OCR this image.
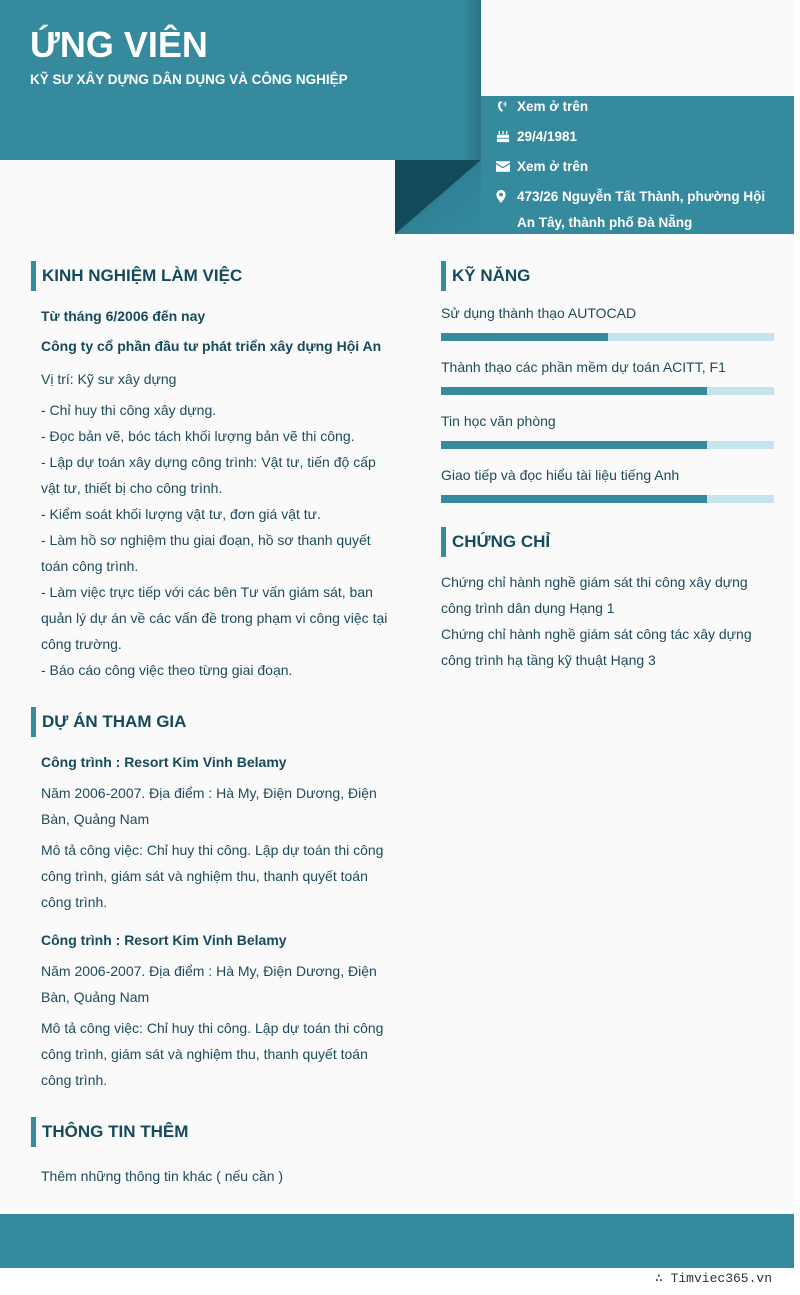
ỨNG VIÊN
KỸ SƯ XÂY DỰNG DÂN DỤNG VÀ CÔNG NGHIỆP
Xem ở trên
29/4/1981
Xem ở trên
473/26 Nguyễn Tất Thành, phường Hội
An Tây, thành phố Đà Nẵng
KINH NGHIỆM LÀM VIỆC
Từ tháng 6/2006 đến nay
Công ty cổ phần đầu tư phát triển xây dựng Hội An
Vị trí: Kỹ sư xây dựng
- Chỉ huy thi công xây dựng.
- Đọc bản vẽ, bóc tách khối lượng bản vẽ thi công.
- Lập dự toán xây dựng công trình: Vật tư, tiến độ cấp vật tư, thiết bị cho công trình.
- Kiểm soát khối lượng vật tư, đơn giá vật tư.
- Làm hồ sơ nghiệm thu giai đoạn, hồ sơ thanh quyết toán công trình.
- Làm việc trực tiếp với các bên Tư vấn giám sát, ban quản lý dự án về các vấn đề trong phạm vi công việc tại công trường.
- Báo cáo công việc theo từng giai đoạn.
DỰ ÁN THAM GIA
Công trình : Resort Kim Vinh Belamy
Năm 2006-2007. Địa điểm : Hà My, Điện Dương, Điện Bàn, Quảng Nam
Mô tả công việc: Chỉ huy thi công. Lập dự toán thi công công trình, giám sát và nghiệm thu, thanh quyết toán công trình.
Công trình : Resort Kim Vinh Belamy
Năm 2006-2007. Địa điểm : Hà My, Điện Dương, Điện Bàn, Quảng Nam
Mô tả công việc: Chỉ huy thi công. Lập dự toán thi công công trình, giám sát và nghiệm thu, thanh quyết toán công trình.
THÔNG TIN THÊM
Thêm những thông tin khác ( nếu cần )
KỸ NĂNG
Sử dụng thành thạo AUTOCAD
Thành thạo các phần mềm dự toán ACITT, F1
Tin học văn phòng
Giao tiếp và đọc hiểu tài liệu tiếng Anh
CHỨNG CHỈ
Chứng chỉ hành nghề giám sát thi công xây dựng công trình dân dụng Hạng 1
Chứng chỉ hành nghề giám sát công tác xây dựng công trình hạ tầng kỹ thuật Hạng 3
∴ Timviec365.vn
